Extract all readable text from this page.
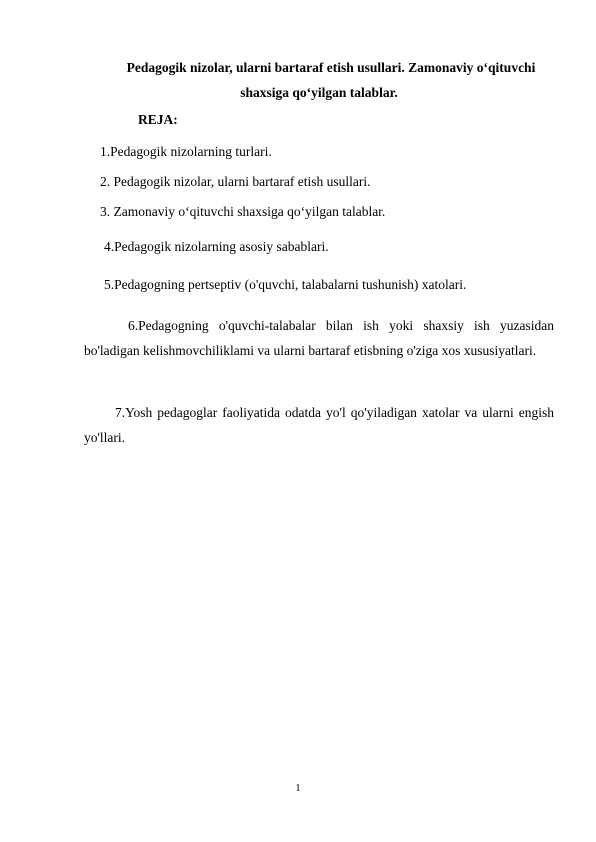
Pedagogik nizolar, ularni bartaraf etish usullari. Zamonaviy o‘qituvchi shaxsiga qo‘yilgan talablar.
REJA:
1.Pedagogik nizolarning turlari.
2. Pedagogik nizolar, ularni bartaraf etish usullari.
3. Zamonaviy o‘qituvchi shaxsiga qo‘yilgan talablar.
4.Pedagogik nizolarning asosiy sabablari.
5.Pedagogning pertseptiv (o'quvchi, talabalarni tushunish) xatolari.
6.Pedagogning o'quvchi-talabalar bilan ish yoki shaxsiy ish yuzasidan bo'ladigan kelishmovchiliklami va ularni bartaraf etisbning o'ziga xos xususiyatlari.
7.Yosh pedagoglar faoliyatida odatda yo'l qo'yiladigan xatolar va ularni engish yo'llari.
1
